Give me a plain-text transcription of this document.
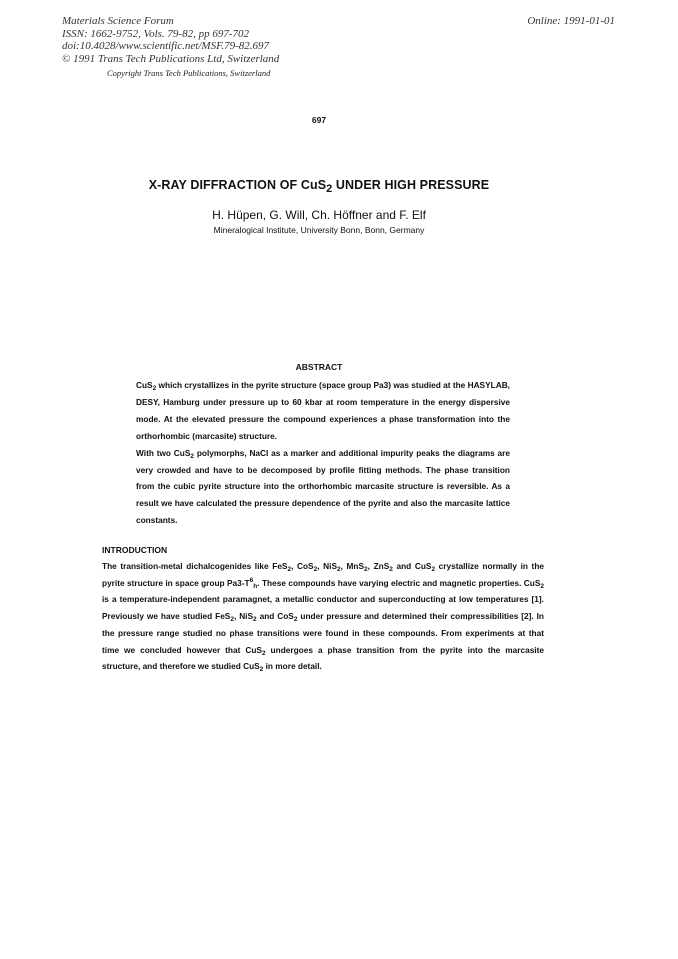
Materials Science Forum
ISSN: 1662-9752, Vols. 79-82, pp 697-702
doi:10.4028/www.scientific.net/MSF.79-82.697
© 1991 Trans Tech Publications Ltd, Switzerland
Online: 1991-01-01
Copyright Trans Tech Publications, Switzerland
697
X-RAY DIFFRACTION OF CuS$_2$ UNDER HIGH PRESSURE
H. Hüpen, G. Will, Ch. Höffner and F. Elf
Mineralogical Institute, University Bonn, Bonn, Germany
ABSTRACT

CuS$_2$ which crystallizes in the pyrite structure (space group Pa3) was studied at the HASYLAB, DESY, Hamburg under pressure up to 60 kbar at room temperature in the energy dispersive mode. At the elevated pressure the compound experiences a phase transformation into the orthorhombic (marcasite) structure.

With two CuS$_2$ polymorphs, NaCl as a marker and additional impurity peaks the diagrams are very crowded and have to be decomposed by profile fitting methods. The phase transition from the cubic pyrite structure into the orthorhombic marcasite structure is reversible. As a result we have calculated the pressure dependence of the pyrite and also the marcasite lattice constants.

INTRODUCTION

The transition-metal dichalcogenides like FeS$_2$, CoS$_2$, NiS$_2$, MnS$_2$, ZnS$_2$ and CuS$_2$ crystallize normally in the pyrite structure in space group $Pa3-T^6_h$. These compounds have varying electric and magnetic properties. CuS$_2$ is a temperature-independent paramagnet, a metallic conductor and superconducting at low temperatures [1]. Previously we have studied FeS$_2$, NiS$_2$ and CoS$_2$ under pressure and determined their compressibilities [2]. In the pressure range studied no phase transitions were found in these compounds. From experiments at that time we concluded however that CuS$_2$ undergoes a phase transition from the pyrite into the marcasite structure, and therefore we studied CuS$_2$ in more detail.
